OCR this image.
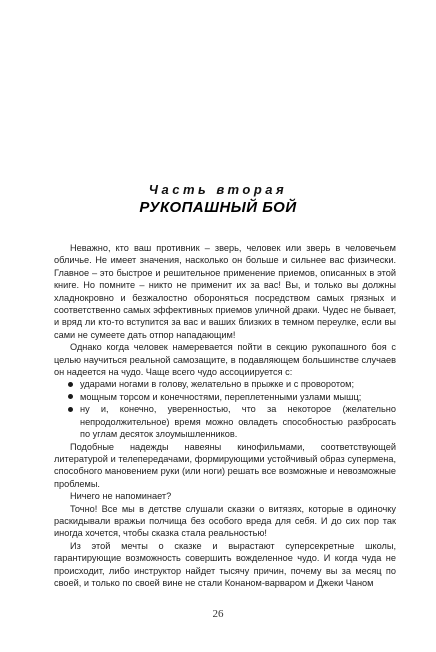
Часть вторая
РУКОПАШНЫЙ БОЙ

Неважно, кто ваш противник – зверь, человек или зверь в человечьем обличье. Не имеет значения, насколько он больше и сильнее вас физически. Главное – это быстрое и решительное применение приемов, описанных в этой книге. Но помните – никто не применит их за вас! Вы, и только вы должны хладнокровно и безжалостно обороняться посредством самых грязных и соответственно самых эффективных приемов уличной драки. Чудес не бывает, и вряд ли кто-то вступится за вас и ваших близких в темном переулке, если вы сами не сумеете дать отпор нападающим!

Однако когда человек намеревается пойти в секцию рукопашного боя с целью научиться реальной самозащите, в подавляющем большинстве случаев он надеется на чудо. Чаще всего чудо ассоциируется с:

ударами ногами в голову, желательно в прыжке и с проворотом;
мощным торсом и конечностями, переплетенными узлами мышц;
ну и, конечно, уверенностью, что за некоторое (желательно непродолжительное) время можно овладеть способностью разбросать по углам десяток злоумышленников.

Подобные надежды навеяны кинофильмами, соответствующей литературой и телепередачами, формирующими устойчивый образ супермена, способного мановением руки (или ноги) решать все возможные и невозможные проблемы.

Ничего не напоминает?

Точно! Все мы в детстве слушали сказки о витязях, которые в одиночку раскидывали вражьи полчища без особого вреда для себя. И до сих пор так иногда хочется, чтобы сказка стала реальностью!

Из этой мечты о сказке и вырастают суперсекретные школы, гарантирующие возможность совершить вожделенное чудо. И когда чуда не происходит, либо инструктор найдет тысячу причин, почему вы за месяц по своей, и только по своей вине не стали Конаном-варваром и Джеки Чаном

26
